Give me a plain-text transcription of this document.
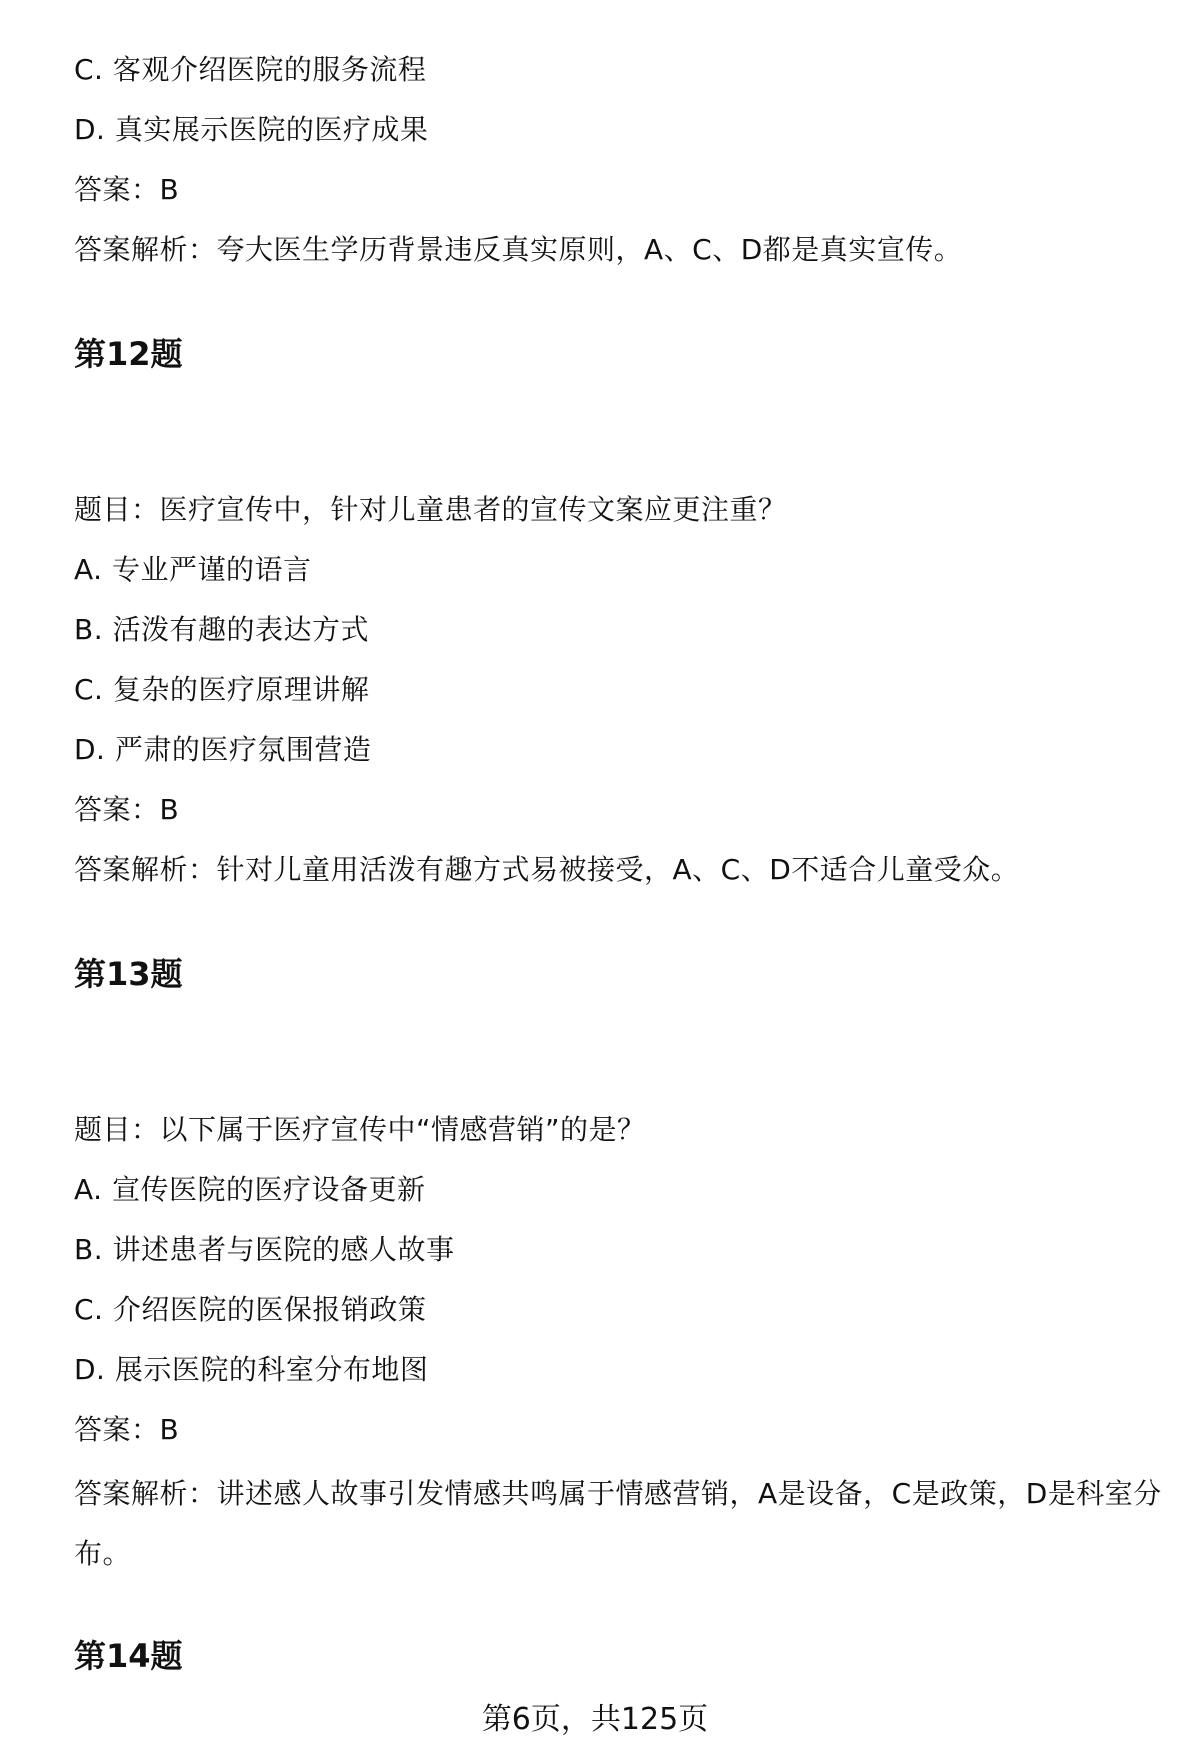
C. 客观介绍医院的服务流程
D. 真实展示医院的医疗成果
答案：B
答案解析：夸大医生学历背景违反真实原则，A、C、D都是真实宣传。
第12题
题目：医疗宣传中，针对儿童患者的宣传文案应更注重？
A. 专业严谨的语言
B. 活泼有趣的表达方式
C. 复杂的医疗原理讲解
D. 严肃的医疗氛围营造
答案：B
答案解析：针对儿童用活泼有趣方式易被接受，A、C、D不适合儿童受众。
第13题
题目：以下属于医疗宣传中“情感营销”的是？
A. 宣传医院的医疗设备更新
B. 讲述患者与医院的感人故事
C. 介绍医院的医保报销政策
D. 展示医院的科室分布地图
答案：B
答案解析：讲述感人故事引发情感共鸣属于情感营销，A是设备，C是政策，D是科室分布。
第14题
第6页，共125页
